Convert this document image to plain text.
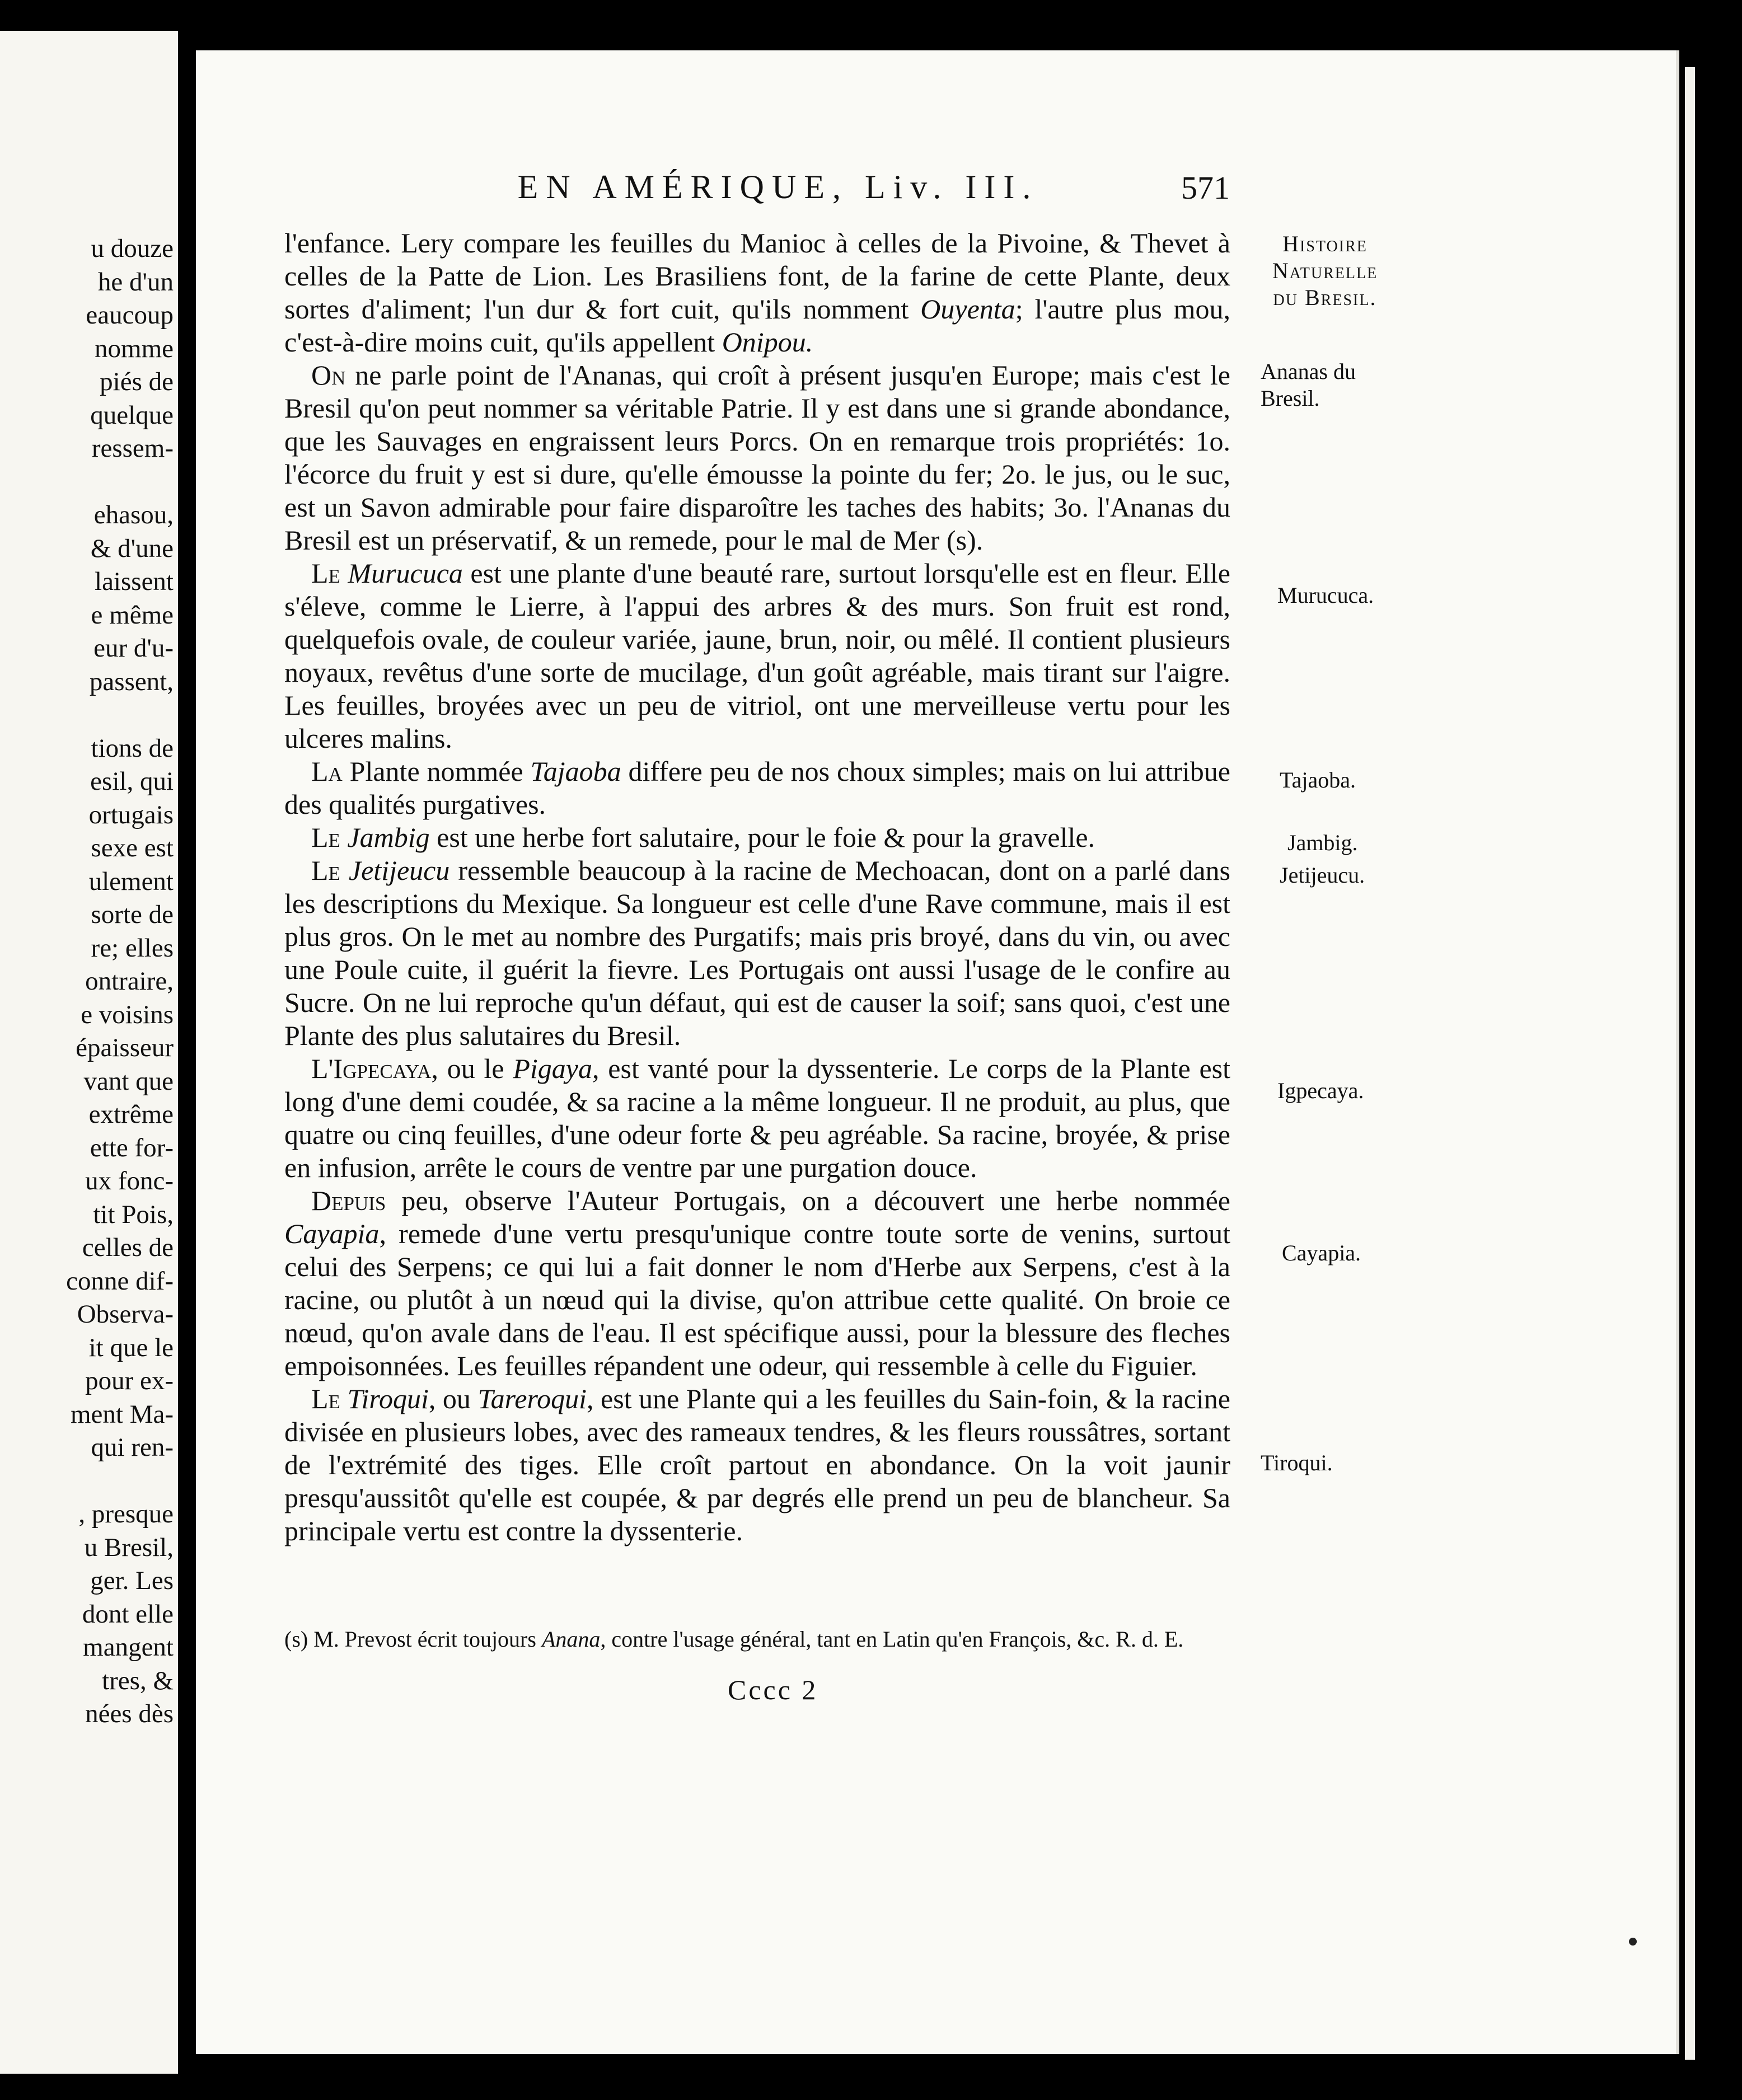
u douze
he d'un
eaucoup
nomme
piés de
quelque
ressem-
ehasou,
& d'une
laissent
e même
eur d'u-
passent,
tions de
esil, qui
ortugais
sexe est
ulement
sorte de
re; elles
ontraire,
e voisins
épaisseur
vant que
extrême
ette for-
ux fonc-
tit Pois,
celles de
conne dif-
Observa-
it que le
pour ex-
ment Ma-
qui ren-
, presque
u Bresil,
ger. Les
dont elle
mangent
tres, &
nées dès
EN AMÉRIQUE, Liv. III.	571

l'enfance. Lery compare les feuilles du Manioc à celles de la Pivoine, & Thevet à celles de la Patte de Lion. Les Brasiliens font, de la farine de cette Plante, deux sortes d'aliment; l'un dur & fort cuit, qu'ils nomment Ouyenta; l'autre plus mou, c'est-à-dire moins cuit, qu'ils appellent Onipou.

On ne parle point de l'Ananas, qui croît à présent jusqu'en Europe; mais c'est le Bresil qu'on peut nommer sa véritable Patrie. Il y est dans une si grande abondance, que les Sauvages en engraissent leurs Porcs. On en remarque trois propriétés: 1o. l'écorce du fruit y est si dure, qu'elle émousse la pointe du fer; 2o. le jus, ou le suc, est un Savon admirable pour faire disparoître les taches des habits; 3o. l'Ananas du Bresil est un préservatif, & un remede, pour le mal de Mer (s).

Le Murucuca est une plante d'une beauté rare, surtout lorsqu'elle est en fleur. Elle s'éleve, comme le Lierre, à l'appui des arbres & des murs. Son fruit est rond, quelquefois ovale, de couleur variée, jaune, brun, noir, ou mêlé. Il contient plusieurs noyaux, revêtus d'une sorte de mucilage, d'un goût agréable, mais tirant sur l'aigre. Les feuilles, broyées avec un peu de vitriol, ont une merveilleuse vertu pour les ulceres malins.

La Plante nommée Tajaoba differe peu de nos choux simples; mais on lui attribue des qualités purgatives.

Le Jambig est une herbe fort salutaire, pour le foie & pour la gravelle.

Le Jetijeucu ressemble beaucoup à la racine de Mechoacan, dont on a parlé dans les descriptions du Mexique. Sa longueur est celle d'une Rave commune, mais il est plus gros. On le met au nombre des Purgatifs; mais pris broyé, dans du vin, ou avec une Poule cuite, il guérit la fievre. Les Portugais ont aussi l'usage de le confire au Sucre. On ne lui reproche qu'un défaut, qui est de causer la soif; sans quoi, c'est une Plante des plus salutaires du Bresil.

L'Igpecaya, ou le Pigaya, est vanté pour la dyssenterie. Le corps de la Plante est long d'une demi coudée, & sa racine a la même longueur. Il ne produit, au plus, que quatre ou cinq feuilles, d'une odeur forte & peu agréable. Sa racine, broyée, & prise en infusion, arrête le cours de ventre par une purgation douce.

Depuis peu, observe l'Auteur Portugais, on a découvert une herbe nommée Cayapia, remede d'une vertu presqu'unique contre toute sorte de venins, surtout celui des Serpens; ce qui lui a fait donner le nom d'Herbe aux Serpens, c'est à la racine, ou plutôt à un nœud qui la divise, qu'on attribue cette qualité. On broie ce nœud, qu'on avale dans de l'eau. Il est spécifique aussi, pour la blessure des fleches empoisonnées. Les feuilles répandent une odeur, qui ressemble à celle du Figuier.

Le Tiroqui, ou Tareroqui, est une Plante qui a les feuilles du Sain-foin, & la racine divisée en plusieurs lobes, avec des rameaux tendres, & les fleurs roussâtres, sortant de l'extrémité des tiges. Elle croît partout en abondance. On la voit jaunir presqu'aussitôt qu'elle est coupée, & par degrés elle prend un peu de blancheur. Sa principale vertu est contre la dyssenterie.

Histoire
Naturelle
du Bresil.
Ananas du
Bresil.
Murucuca.
Tajaoba.
Jambig.
Jetijeucu.
Igpecaya.
Cayapia.
Tiroqui.
(s) M. Prevost écrit toujours Anana, contre l'usage général, tant en Latin qu'en François, &c. R. d. E.
Cccc 2
